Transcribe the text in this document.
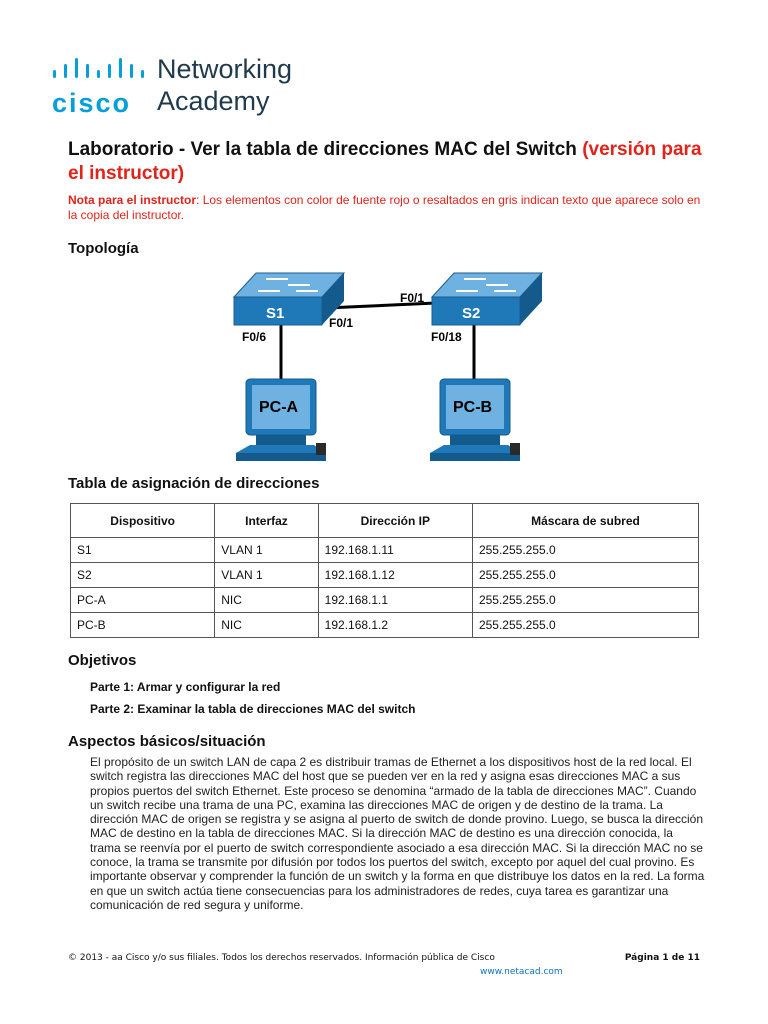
cisco
Networking
Academy
Laboratorio - Ver la tabla de direcciones MAC del Switch (versión para el instructor)
Nota para el instructor: Los elementos con color de fuente rojo o resaltados en gris indican texto que aparece solo en la copia del instructor.
Topología
S1	S2
F0/1
F0/1
F0/6	F0/18
PC-A	PC-B
Tabla de asignación de direcciones
Dispositivo	Interfaz	Dirección IP	Máscara de subred
S1	VLAN 1	192.168.1.11	255.255.255.0
S2	VLAN 1	192.168.1.12	255.255.255.0
PC-A	NIC	192.168.1.1	255.255.255.0
PC-B	NIC	192.168.1.2	255.255.255.0
Objetivos
Parte 1: Armar y configurar la red
Parte 2: Examinar la tabla de direcciones MAC del switch
Aspectos básicos/situación
El propósito de un switch LAN de capa 2 es distribuir tramas de Ethernet a los dispositivos host de la red local. El switch registra las direcciones MAC del host que se pueden ver en la red y asigna esas direcciones MAC a sus propios puertos del switch Ethernet. Este proceso se denomina “armado de la tabla de direcciones MAC”. Cuando un switch recibe una trama de una PC, examina las direcciones MAC de origen y de destino de la trama. La dirección MAC de origen se registra y se asigna al puerto de switch de donde provino. Luego, se busca la dirección MAC de destino en la tabla de direcciones MAC. Si la dirección MAC de destino es una dirección conocida, la trama se reenvía por el puerto de switch correspondiente asociado a esa dirección MAC. Si la dirección MAC no se conoce, la trama se transmite por difusión por todos los puertos del switch, excepto por aquel del cual provino. Es importante observar y comprender la función de un switch y la forma en que distribuye los datos en la red. La forma en que un switch actúa tiene consecuencias para los administradores de redes, cuya tarea es garantizar una comunicación de red segura y uniforme.
© 2013 - aa Cisco y/o sus filiales. Todos los derechos reservados. Información pública de Cisco	Página 1 de 11
www.netacad.com
